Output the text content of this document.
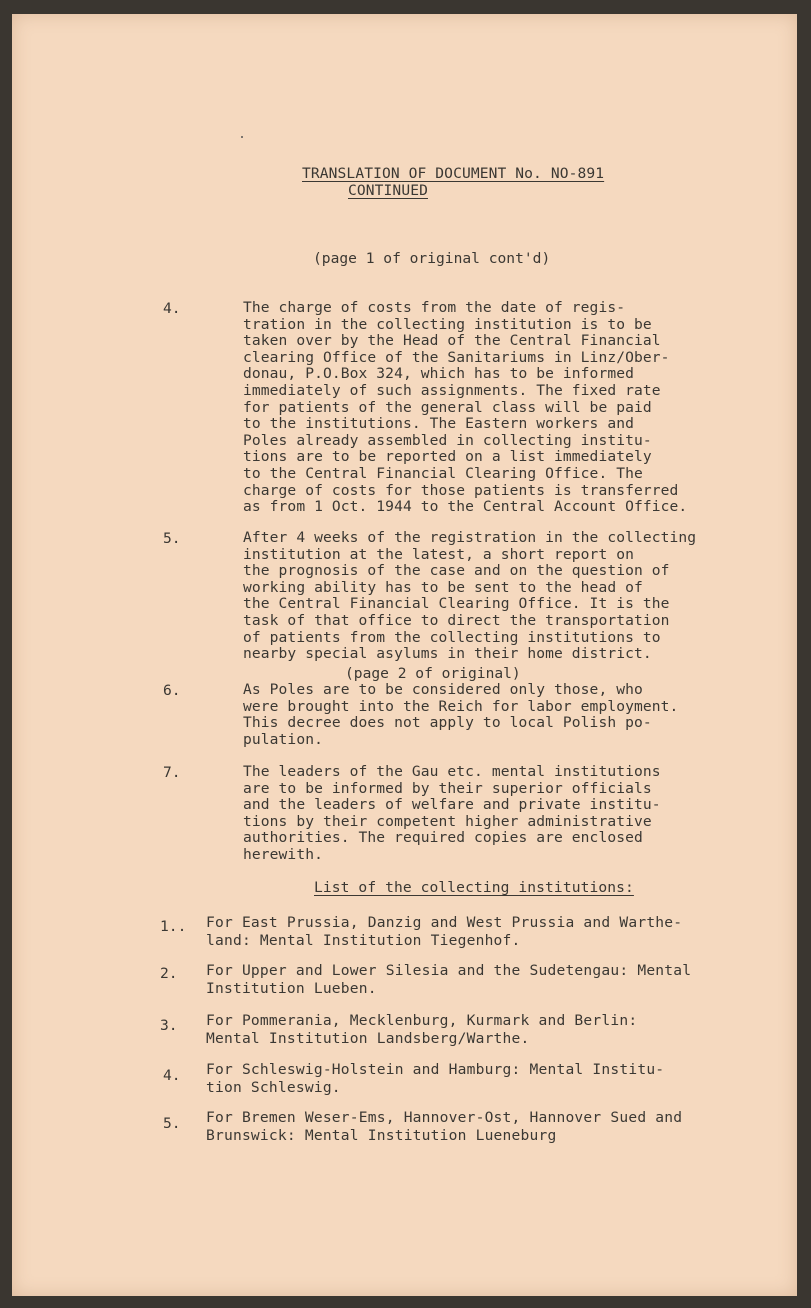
TRANSLATION OF DOCUMENT No. NO-891
CONTINUED
(page 1 of original cont'd)
4.	The charge of costs from the date of regis-
tration in the collecting institution is to be
taken over by the Head of the Central Financial
clearing Office of the Sanitariums in Linz/Ober-
donau, P.O.Box 324, which has to be informed
immediately of such assignments. The fixed rate
for patients of the general class will be paid
to the institutions. The Eastern workers and
Poles already assembled in collecting institu-
tions are to be reported on a list immediately
to the Central Financial Clearing Office. The
charge of costs for those patients is transferred
as from 1 Oct. 1944 to the Central Account Office.
5.	After 4 weeks of the registration in the collecting
institution at the latest, a short report on
the prognosis of the case and on the question of
working ability has to be sent to the head of
the Central Financial Clearing Office. It is the
task of that office to direct the transportation
of patients from the collecting institutions to
nearby special asylums in their home district.
(page 2 of original)
6.	As Poles are to be considered only those, who
were brought into the Reich for labor employment.
This decree does not apply to local Polish po-
pulation.
7.	The leaders of the Gau etc. mental institutions
are to be informed by their superior officials
and the leaders of welfare and private institu-
tions by their competent higher administrative
authorities. The required copies are enclosed
herewith.
List of the collecting institutions:
1.. For East Prussia, Danzig and West Prussia and Warthe-
land: Mental Institution Tiegenhof.
2. For Upper and Lower Silesia and the Sudetengau: Mental
Institution Lueben.
3. For Pommerania, Mecklenburg, Kurmark and Berlin:
Mental Institution Landsberg/Warthe.
4. For Schleswig-Holstein and Hamburg: Mental Institu-
tion Schleswig.
5. For Bremen Weser-Ems, Hannover-Ost, Hannover Sued and
Brunswick: Mental Institution Lueneburg
